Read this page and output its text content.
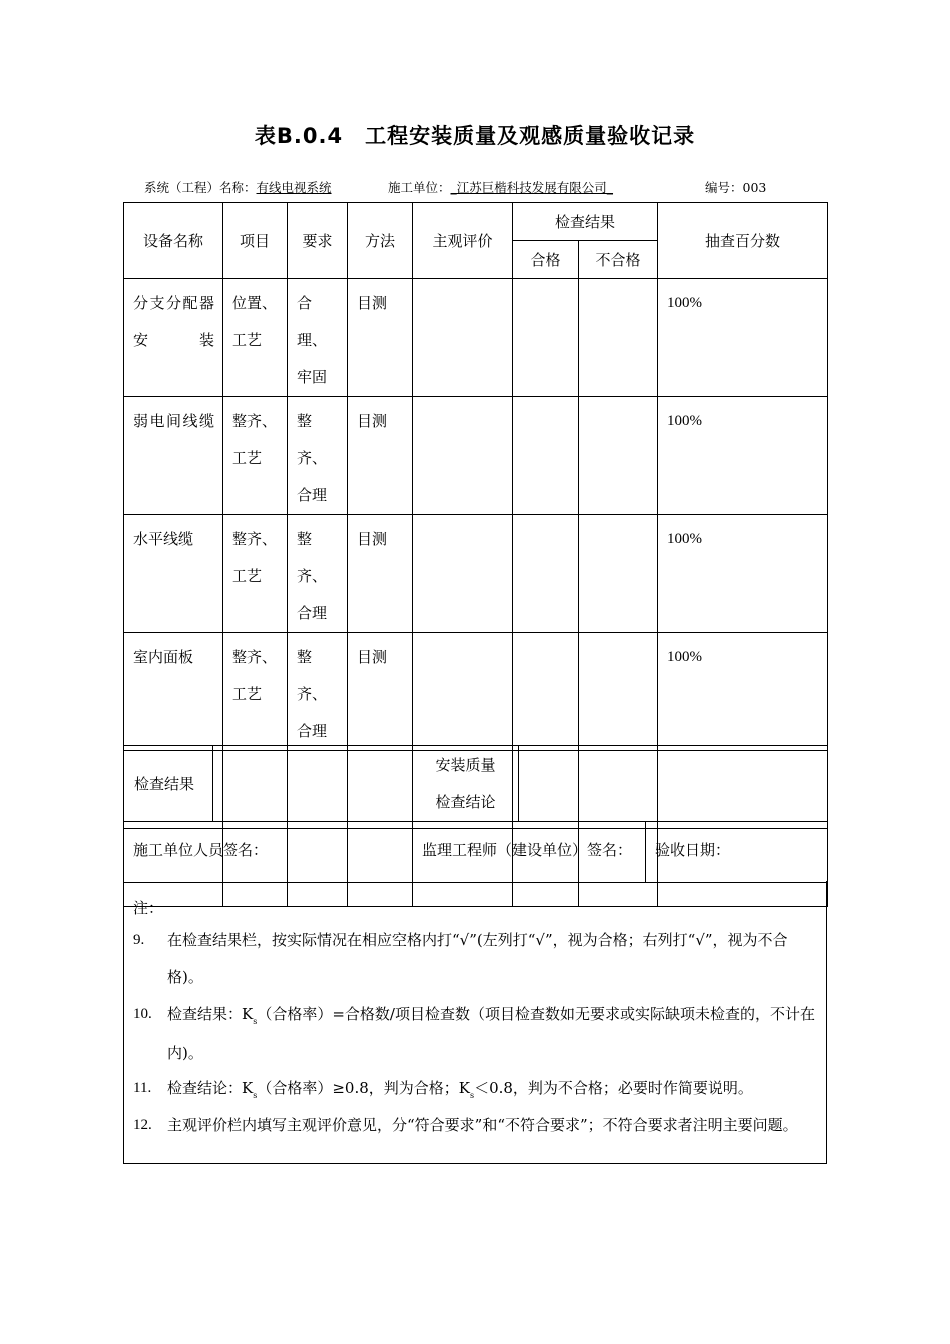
表B.0.4　工程安装质量及观感质量验收记录
系统（工程）名称：有线电视系统	施工单位：_江苏巨楷科技发展有限公司_	编号：003
设备名称	项目	要求	方法	主观评价	检查结果		抽查百分数
					合格	不合格	
分支分配器安装	位置、工艺	合理、牢固	目测				100%
弱电间线缆	整齐、工艺	整齐、合理	目测				100%
水平线缆	整齐、工艺	整齐、合理	目测				100%
室内面板	整齐、工艺	整齐、合理	目测				100%

检查结果		安装质量
检查结论	
施工单位人员签名：	监理工程师（建设单位）签名：	验收日期：
注：
9.	在检查结果栏，按实际情况在相应空格内打“√”(左列打“√”，视为合格；右列打“√”，视为不合格)。
10.	检查结果：$K_s$（合格率）=合格数/项目检查数（项目检查数如无要求或实际缺项未检查的，不计在内)。
11.	检查结论：$K_s$（合格率）≥0.8，判为合格；$K_s<0.8$，判为不合格；必要时作简要说明。
12.	主观评价栏内填写主观评价意见，分“符合要求”和“不符合要求”；不符合要求者注明主要问题。
